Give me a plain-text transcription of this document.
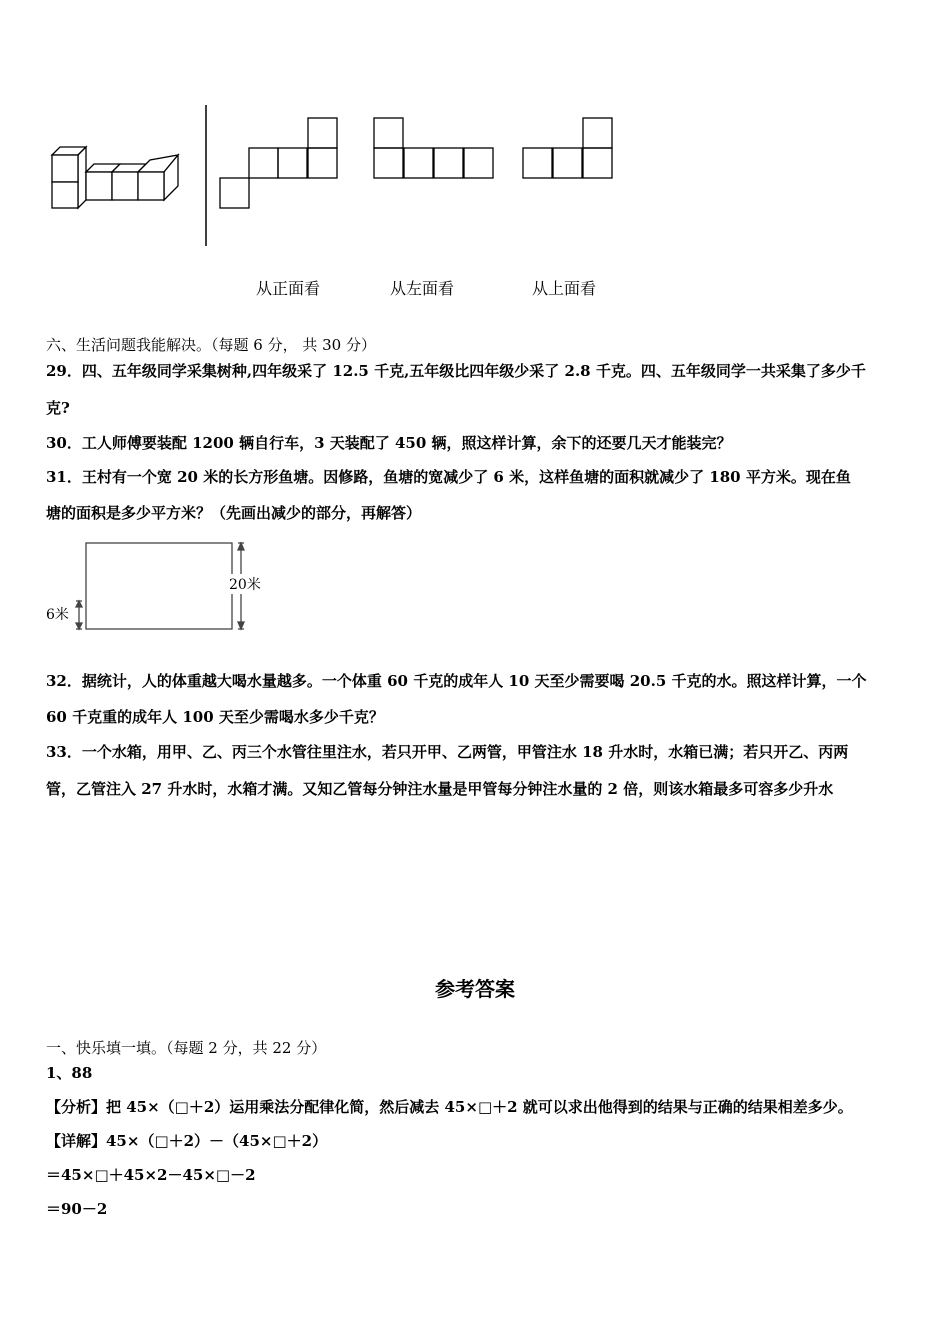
从正面看	从左面看	从上面看
六、生活问题我能解决。（每题 6 分， 共 30 分）
29．四、五年级同学采集树种,四年级采了 12.5 千克,五年级比四年级少采了 2.8 千克。四、五年级同学一共采集了多少千
克?
30．工人师傅要装配 1200 辆自行车，3 天装配了 450 辆，照这样计算，余下的还要几天才能装完？
31．王村有一个宽 20 米的长方形鱼塘。因修路，鱼塘的宽减少了 6 米，这样鱼塘的面积就减少了 180 平方米。现在鱼
塘的面积是多少平方米？（先画出减少的部分，再解答）
20米
6米
32．据统计，人的体重越大喝水量越多。一个体重 60 千克的成年人 10 天至少需要喝 20.5 千克的水。照这样计算，一个
60 千克重的成年人 100 天至少需喝水多少千克？
33．一个水箱，用甲、乙、丙三个水管往里注水，若只开甲、乙两管，甲管注水 18 升水时，水箱已满；若只开乙、丙两
管，乙管注入 27 升水时，水箱才满。又知乙管每分钟注水量是甲管每分钟注水量的 2 倍，则该水箱最多可容多少升水
参考答案
一、快乐填一填。（每题 2 分，共 22 分）
1、88
【分析】把 45×（□＋2）运用乘法分配律化简，然后减去 45×□＋2 就可以求出他得到的结果与正确的结果相差多少。
【详解】45×（□＋2）－（45×□＋2）
＝45×□＋45×2－45×□－2
＝90－2
